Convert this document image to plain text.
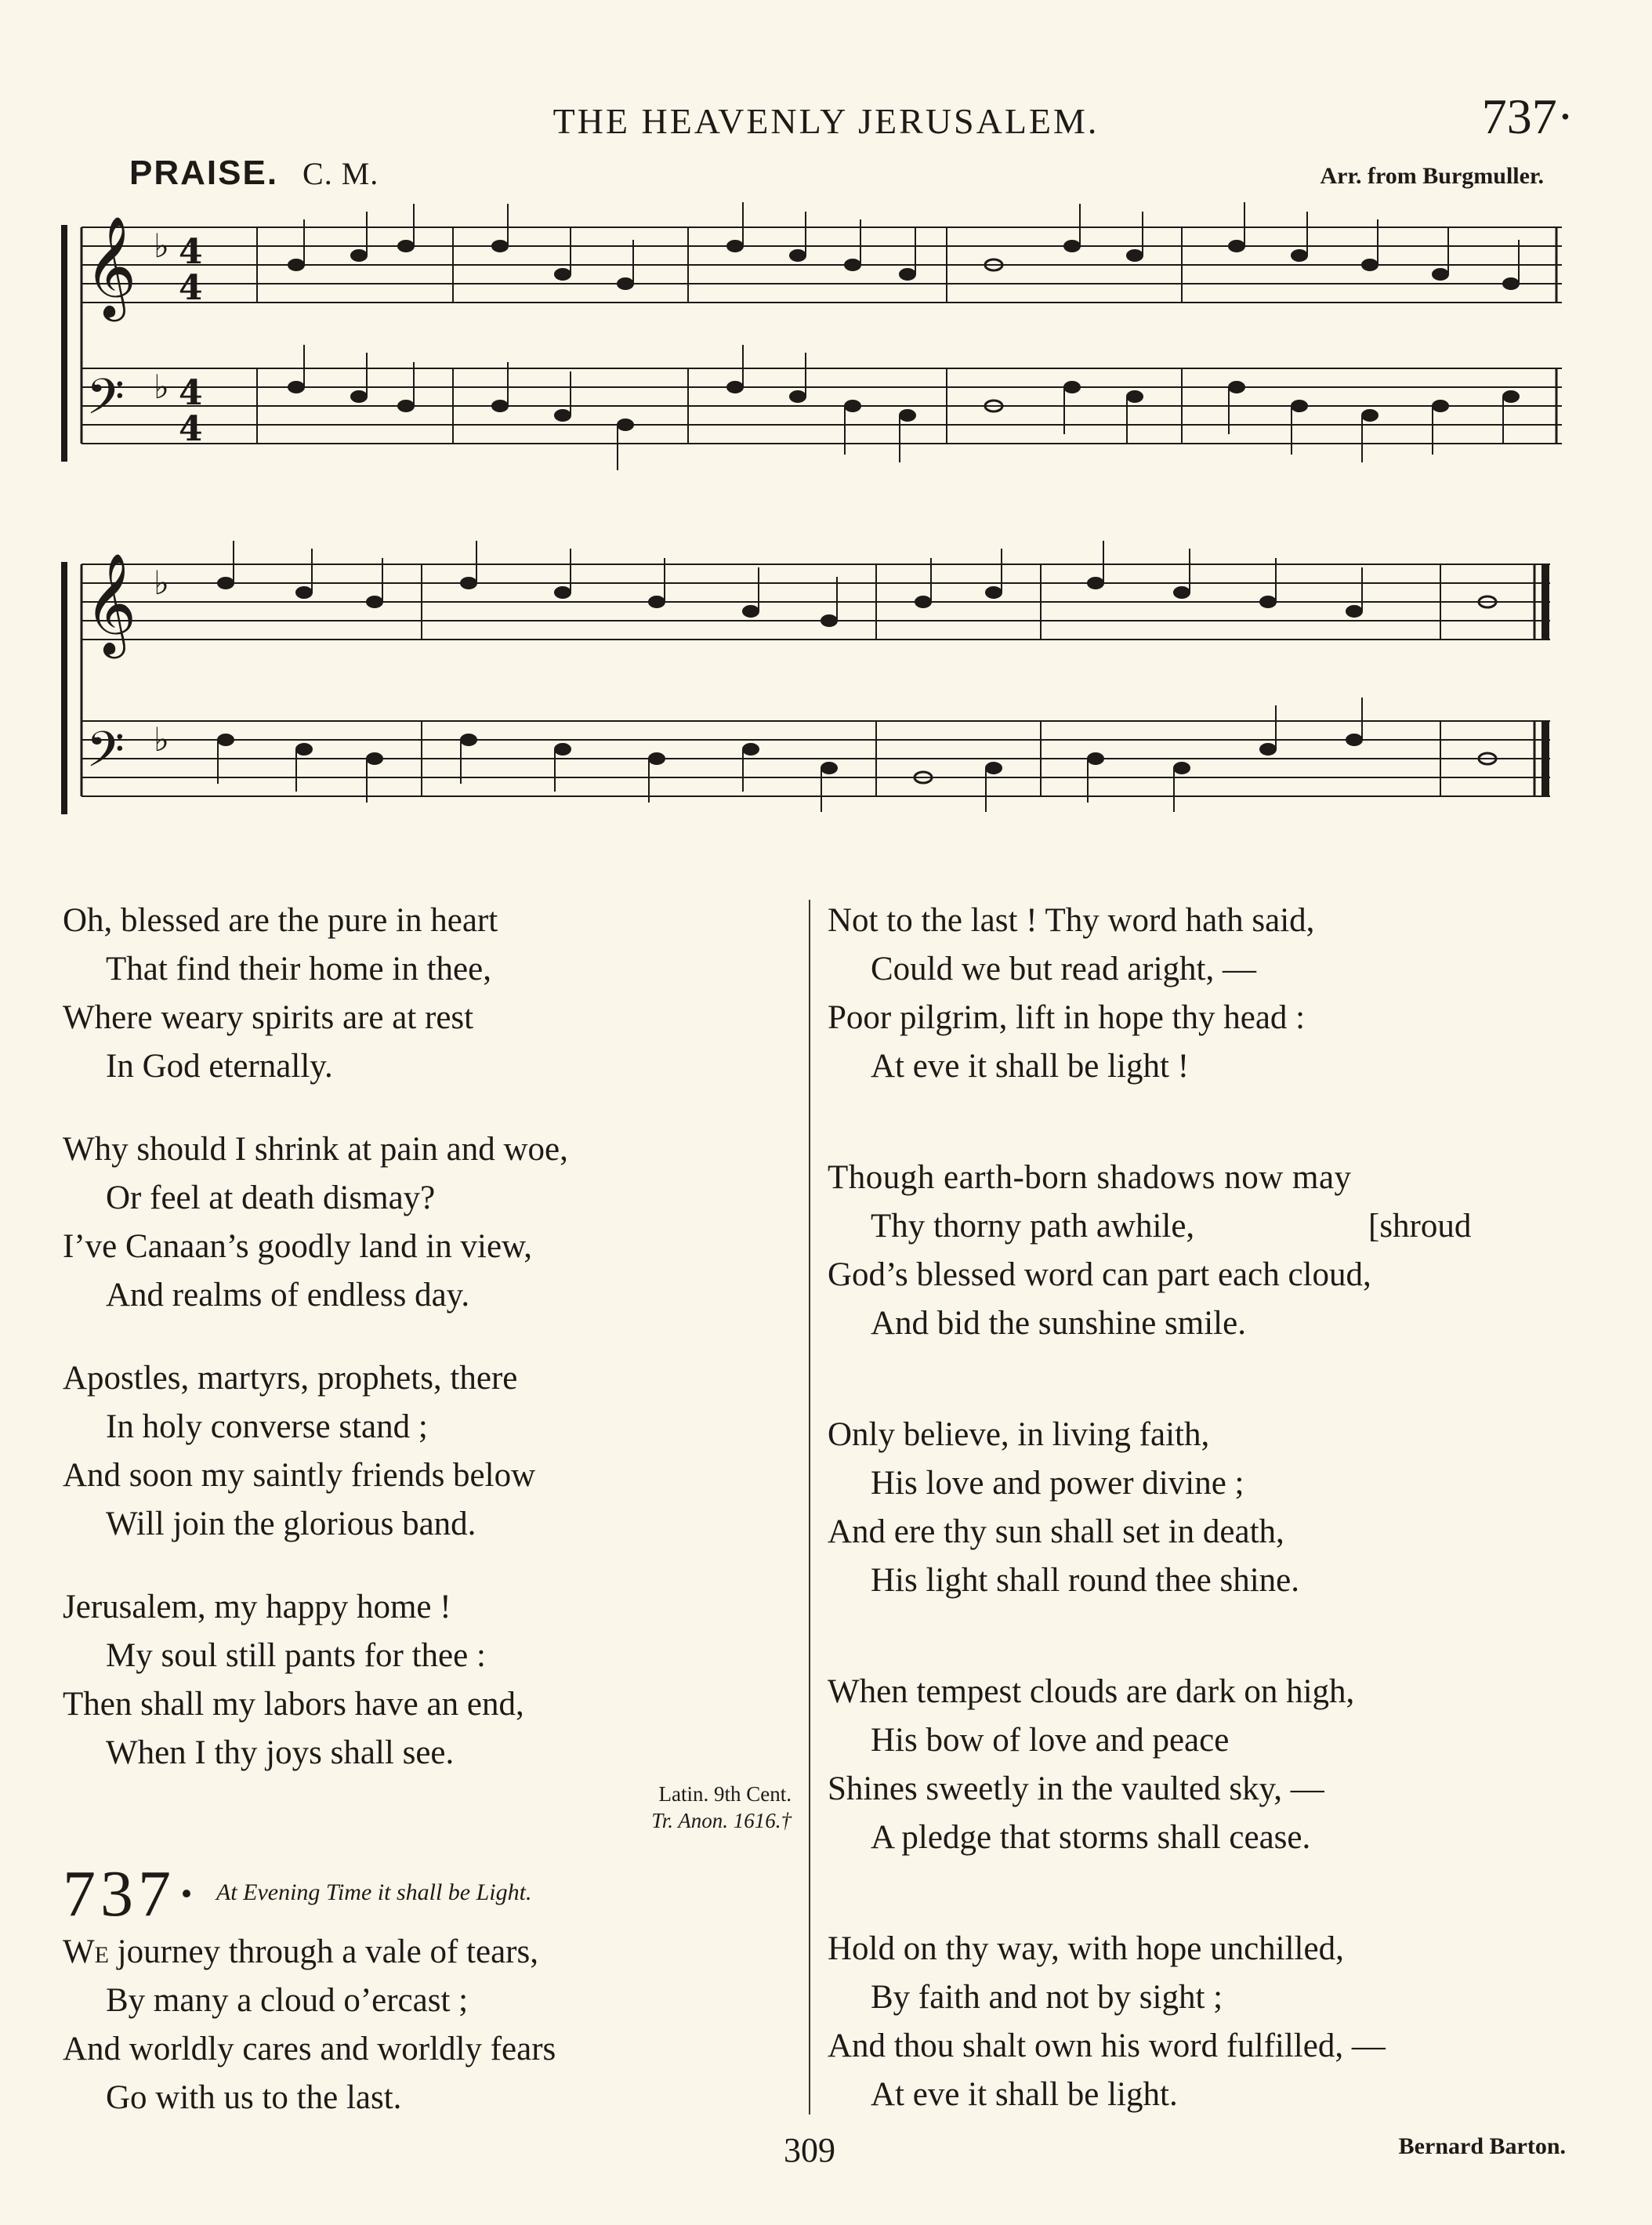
THE HEAVENLY JERUSALEM.	737·
PRAISE. C. M.	Arr. from Burgmuller.
𝄞
𝄢
♭
♭
4
4
4
4
𝄞
𝄢
♭
♭
Oh, blessed are the pure in heart
That find their home in thee,
Where weary spirits are at rest
In God eternally.
Why should I shrink at pain and woe,
Or feel at death dismay?
I’ve Canaan’s goodly land in view,
And realms of endless day.
Apostles, martyrs, prophets, there
In holy converse stand ;
And soon my saintly friends below
Will join the glorious band.
Jerusalem, my happy home !
My soul still pants for thee :
Then shall my labors have an end,
When I thy joys shall see.
Latin. 9th Cent.
Tr. Anon. 1616.†
737· At Evening Time it shall be Light.
We journey through a vale of tears,
By many a cloud o’ercast ;
And worldly cares and worldly fears
Go with us to the last.
Not to the last ! Thy word hath said,
Could we but read aright, —
Poor pilgrim, lift in hope thy head :
At eve it shall be light !
Though earth-born shadows now may
Thy thorny path awhile,	[shroud
God’s blessed word can part each cloud,
And bid the sunshine smile.
Only believe, in living faith,
His love and power divine ;
And ere thy sun shall set in death,
His light shall round thee shine.
When tempest clouds are dark on high,
His bow of love and peace
Shines sweetly in the vaulted sky, —
A pledge that storms shall cease.
Hold on thy way, with hope unchilled,
By faith and not by sight ;
And thou shalt own his word fulfilled, —
At eve it shall be light.
309	Bernard Barton.
